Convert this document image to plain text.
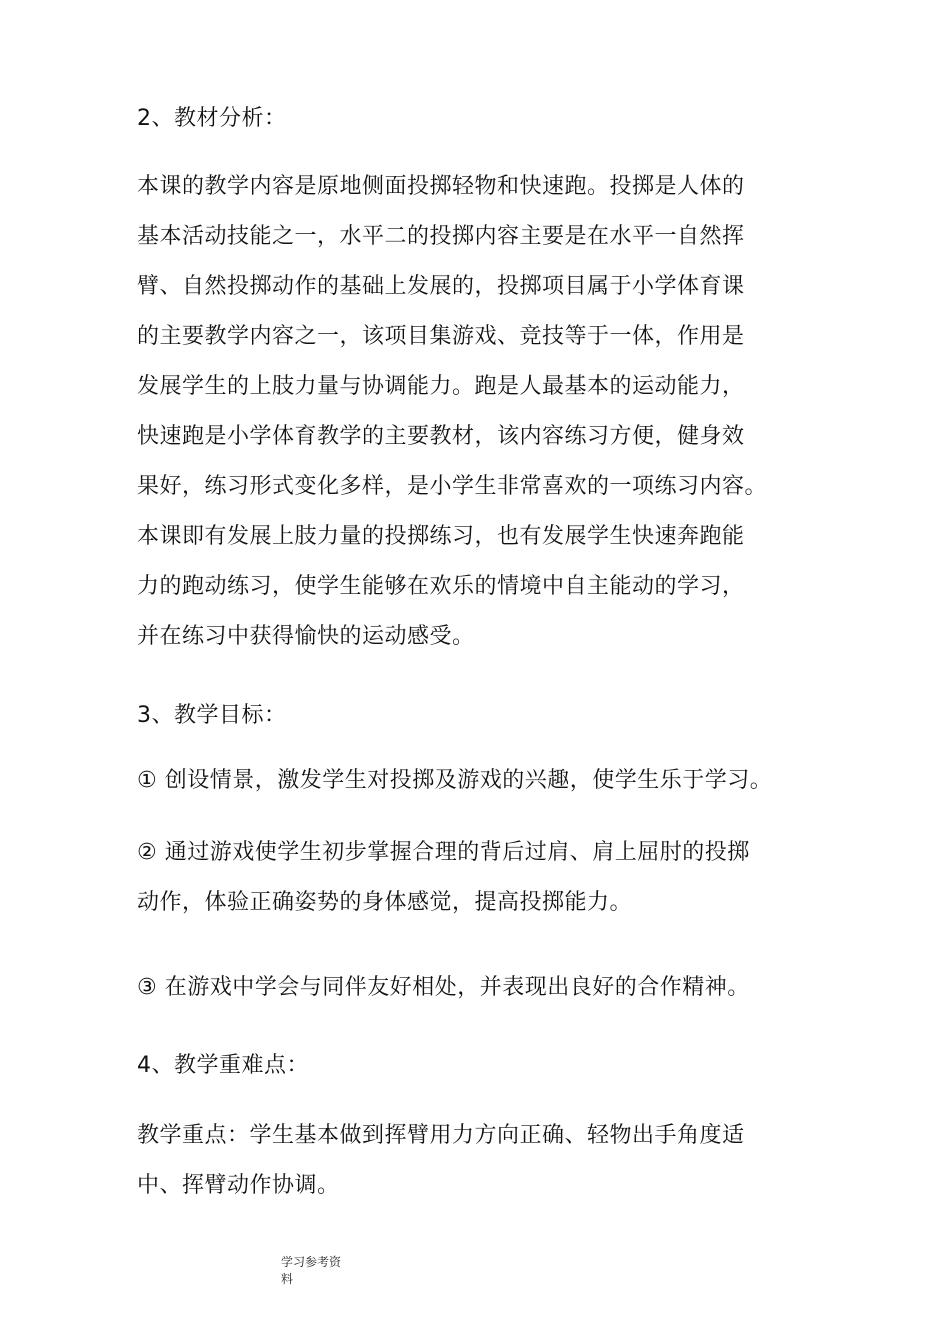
2、教材分析：
本课的教学内容是原地侧面投掷轻物和快速跑。投掷是人体的
基本活动技能之一，水平二的投掷内容主要是在水平一自然挥
臂、自然投掷动作的基础上发展的，投掷项目属于小学体育课
的主要教学内容之一，该项目集游戏、竞技等于一体，作用是
发展学生的上肢力量与协调能力。跑是人最基本的运动能力，
快速跑是小学体育教学的主要教材，该内容练习方便，健身效
果好，练习形式变化多样，是小学生非常喜欢的一项练习内容。
本课即有发展上肢力量的投掷练习，也有发展学生快速奔跑能
力的跑动练习，使学生能够在欢乐的情境中自主能动的学习，
并在练习中获得愉快的运动感受。
3、教学目标：
① 创设情景，激发学生对投掷及游戏的兴趣，使学生乐于学习。
② 通过游戏使学生初步掌握合理的背后过肩、肩上屈肘的投掷
动作，体验正确姿势的身体感觉，提高投掷能力。
③ 在游戏中学会与同伴友好相处，并表现出良好的合作精神。
4、教学重难点：
教学重点：学生基本做到挥臂用力方向正确、轻物出手角度适
中、挥臂动作协调。
学习参考资
料
